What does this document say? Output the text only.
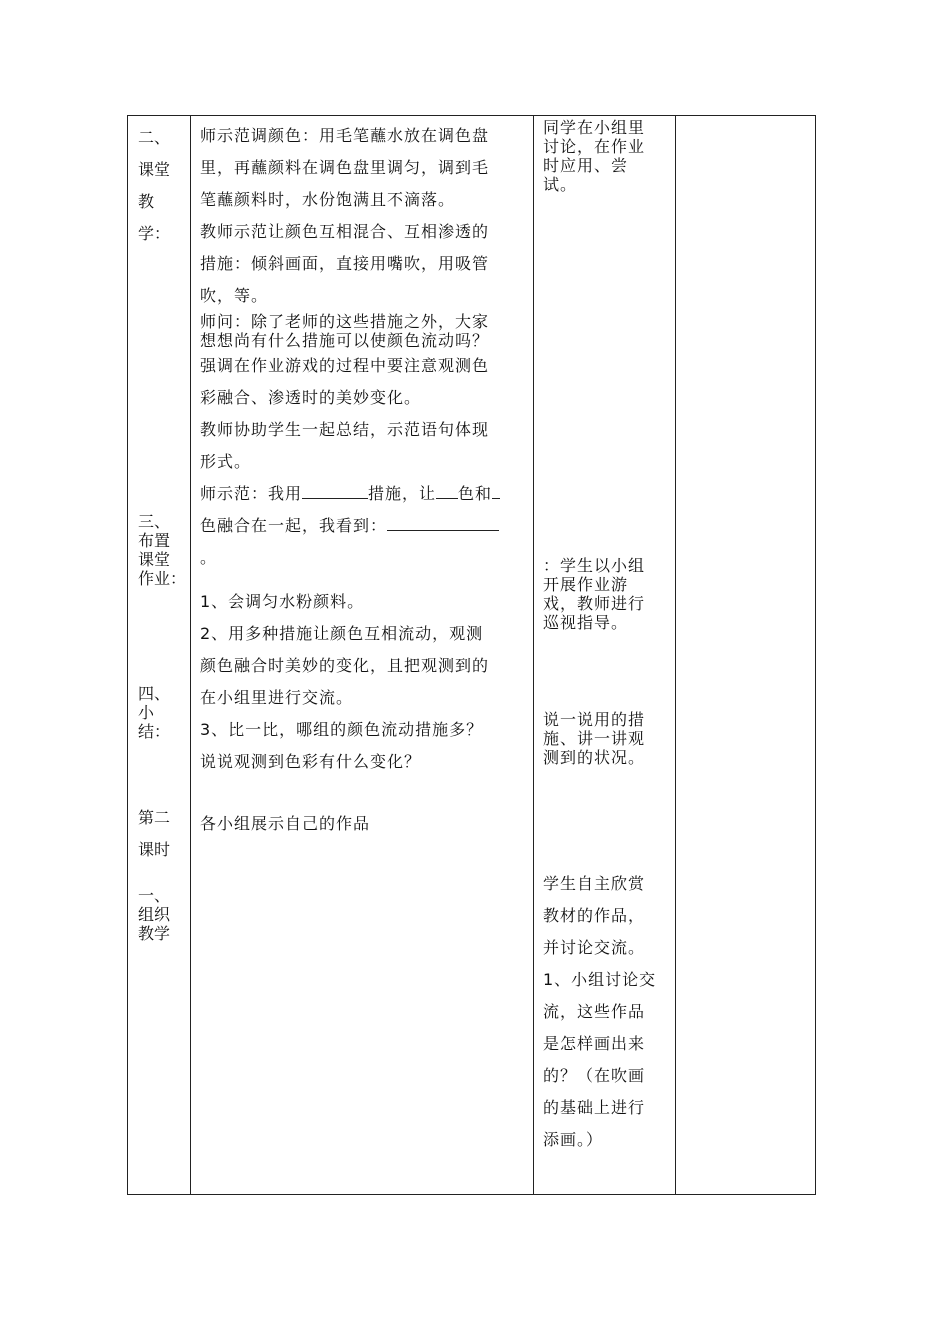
二、

课堂

教

学：

三、

布置

课堂

作业：

四、

小

结：

第二

课时

一、

组织

教学

师示范调颜色：用毛笔蘸水放在调色盘

里，再蘸颜料在调色盘里调匀，调到毛

笔蘸颜料时，水份饱满且不滴落。

教师示范让颜色互相混合、互相渗透的

措施：倾斜画面，直接用嘴吹，用吸管

吹，等。

师问：除了老师的这些措施之外，大家

想想尚有什么措施可以使颜色流动吗？

强调在作业游戏的过程中要注意观测色

彩融合、渗透时的美妙变化。

教师协助学生一起总结，示范语句体现

形式。

师示范：我用	措施，让 色和

色融合在一起，我看到：

。

1、会调匀水粉颜料。

2、用多种措施让颜色互相流动，观测

颜色融合时美妙的变化，且把观测到的

在小组里进行交流。

3、比一比，哪组的颜色流动措施多？

说说观测到色彩有什么变化？

各小组展示自己的作品

同学在小组里

讨论，在作业

时应用、尝

试。

：学生以小组

开展作业游

戏，教师进行

巡视指导。

说一说用的措

施、讲一讲观

测到的状况。

学生自主欣赏

教材的作品，

并讨论交流。

1、小组讨论交

流，这些作品

是怎样画出来

的？（在吹画

的基础上进行

添画。）
